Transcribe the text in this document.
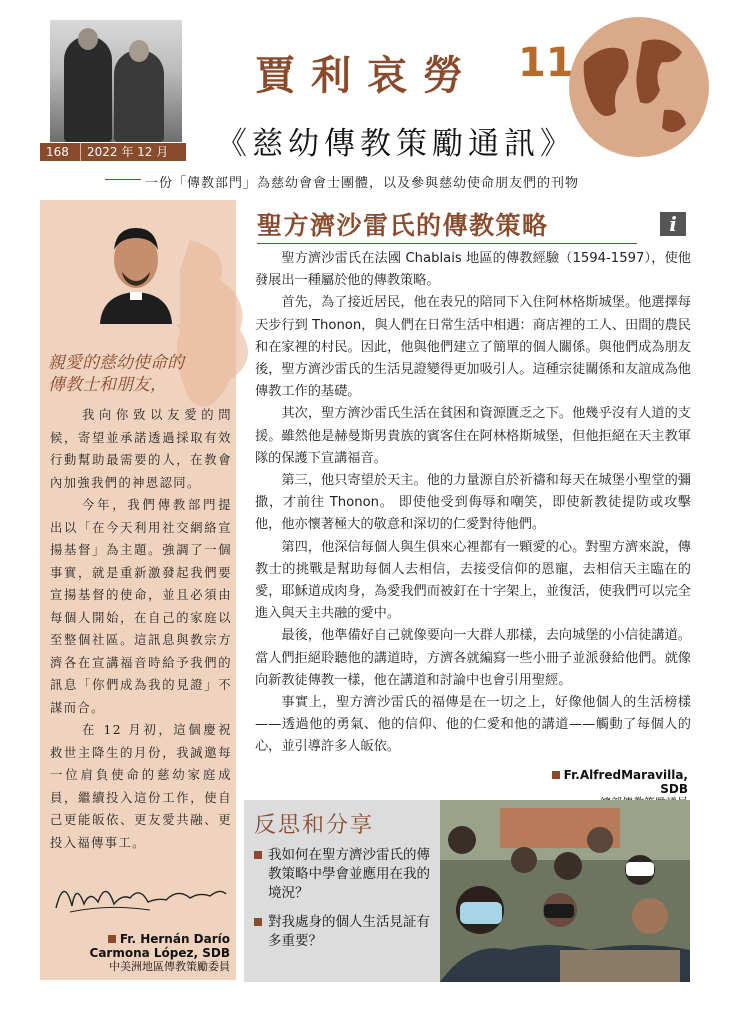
168 2022 年 12 月
賈利哀勞 11
《慈幼傳教策勵通訊》
一份「傳教部門」為慈幼會會士團體，以及參與慈幼使命朋友們的刊物
親愛的慈幼使命的
傳教士和朋友，

我向你致以友愛的問候，寄望並承諾透過採取有效行動幫助最需要的人，在教會內加強我們的神恩認同。

今年，我們傳教部門提出以「在今天利用社交網絡宣揚基督」為主題。強調了一個事實，就是重新激發起我們要宣揚基督的使命，並且必須由每個人開始，在自己的家庭以至整個社區。這訊息與教宗方濟各在宣講福音時給予我們的訊息「你們成為我的見證」不謀而合。

在 12 月初，這個慶祝救世主降生的月份，我誠邀每一位肩負使命的慈幼家庭成員，繼續投入這份工作，使自己更能皈依、更友愛共融、更投入福傳事工。

Fr. Hernán Darío
Carmona López, SDB
中美洲地區傳教策勵委員
聖方濟沙雷氏的傳教策略	i

聖方濟沙雷氏在法國 Chablais 地區的傳教經驗（1594-1597），使他發展出一種屬於他的傳教策略。

首先，為了接近居民，他在表兄的陪同下入住阿林格斯城堡。他選擇每天步行到 Thonon，與人們在日常生活中相遇：商店裡的工人、田間的農民和在家裡的村民。因此，他與他們建立了簡單的個人關係。與他們成為朋友後，聖方濟沙雷氏的生活見證變得更加吸引人。這種宗徒關係和友誼成為他傳教工作的基礎。

其次，聖方濟沙雷氏生活在貧困和資源匱乏之下。他幾乎沒有人道的支援。雖然他是赫曼斯男貴族的賓客住在阿林格斯城堡，但他拒絕在天主教軍隊的保護下宣講福音。

第三，他只寄望於天主。他的力量源自於祈禱和每天在城堡小聖堂的彌撒，才前往 Thonon。 即使他受到侮辱和嘲笑，即使新教徒提防或攻擊他，他亦懷著極大的敬意和深切的仁愛對待他們。

第四，他深信每個人與生俱來心裡都有一顆愛的心。對聖方濟來說，傳教士的挑戰是幫助每個人去相信，去接受信仰的恩寵，去相信天主臨在的愛，耶穌道成肉身，為愛我們而被釘在十字架上，並復活，使我們可以完全進入與天主共融的愛中。

最後，他準備好自己就像要向一大群人那樣，去向城堡的小信徒講道。當人們拒絕聆聽他的講道時，方濟各就編寫一些小冊子並派發給他們。就像向新教徒傳教一樣，他在講道和討論中也會引用聖經。

事實上，聖方濟沙雷氏的福傳是在一切之上，好像他個人的生活榜樣——透過他的勇氣、他的信仰、他的仁愛和他的講道——觸動了每個人的心，並引導許多人皈依。

Fr.AlfredMaravilla, SDB
反思和分享
我如何在聖方濟沙雷氏的傳教策略中學會並應用在我的境況？
對我處身的個人生活見証有多重要？
